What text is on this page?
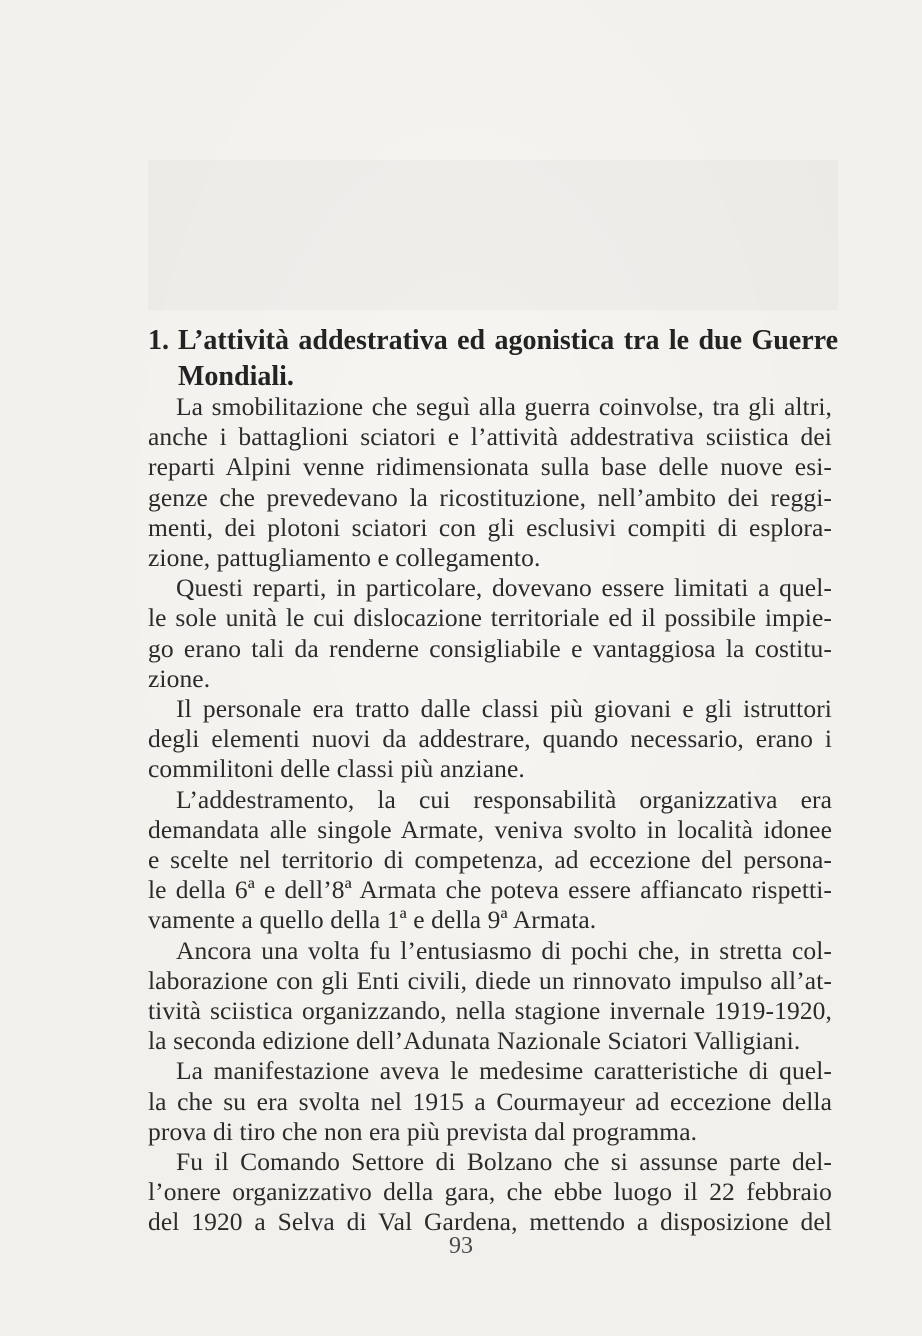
1. L’attività addestrativa ed agonistica tra le due Guerre
Mondiali.

La smobilitazione che seguì alla guerra coinvolse, tra gli altri,
anche i battaglioni sciatori e l’attività addestrativa sciistica dei
reparti Alpini venne ridimensionata sulla base delle nuove esi-
genze che prevedevano la ricostituzione, nell’ambito dei reggi-
menti, dei plotoni sciatori con gli esclusivi compiti di esplora-
zione, pattugliamento e collegamento.

Questi reparti, in particolare, dovevano essere limitati a quel-
le sole unità le cui dislocazione territoriale ed il possibile impie-
go erano tali da renderne consigliabile e vantaggiosa la costitu-
zione.

Il personale era tratto dalle classi più giovani e gli istruttori
degli elementi nuovi da addestrare, quando necessario, erano i
commilitoni delle classi più anziane.

L’addestramento, la cui responsabilità organizzativa era
demandata alle singole Armate, veniva svolto in località idonee
e scelte nel territorio di competenza, ad eccezione del persona-
le della 6ª e dell’8ª Armata che poteva essere affiancato rispetti-
vamente a quello della 1ª e della 9ª Armata.

Ancora una volta fu l’entusiasmo di pochi che, in stretta col-
laborazione con gli Enti civili, diede un rinnovato impulso all’at-
tività sciistica organizzando, nella stagione invernale 1919-1920,
la seconda edizione dell’Adunata Nazionale Sciatori Valligiani.

La manifestazione aveva le medesime caratteristiche di quel-
la che su era svolta nel 1915 a Courmayeur ad eccezione della
prova di tiro che non era più prevista dal programma.

Fu il Comando Settore di Bolzano che si assunse parte del-
l’onere organizzativo della gara, che ebbe luogo il 22 febbraio
del 1920 a Selva di Val Gardena, mettendo a disposizione del

93
